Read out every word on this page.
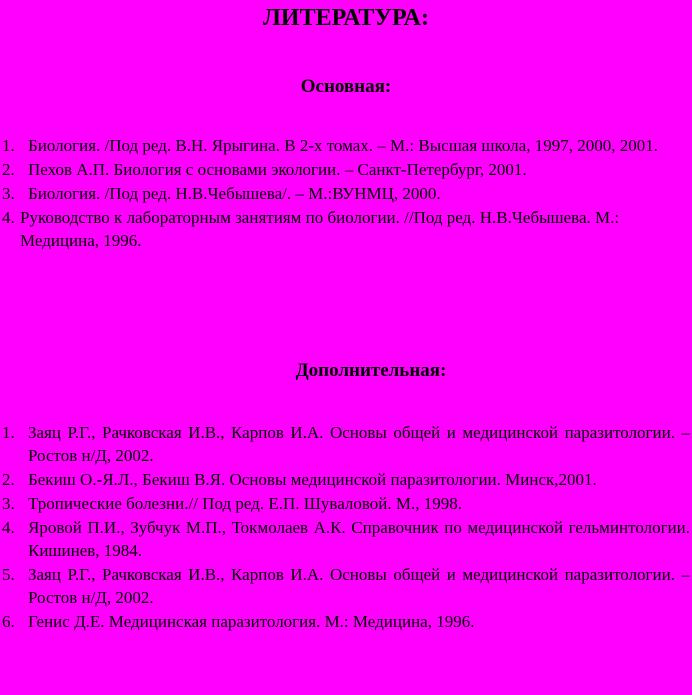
ЛИТЕРАТУРА:
Основная:
1. Биология. /Под ред. В.Н. Ярыгина. В 2-х томах. – М.: Высшая школа, 1997, 2000, 2001.
2. Пехов А.П. Биология с основами экологии. – Санкт-Петербург, 2001.
3. Биология. /Под ред. Н.В.Чебышева/. – М.:ВУНМЦ, 2000.
4. Руководство к лабораторным занятиям по биологии. //Под ред. Н.В.Чебышева. М.: Медицина, 1996.
Дополнительная:
1. Заяц Р.Г., Рачковская И.В., Карпов И.А. Основы общей и медицинской паразитологии. – Ростов н/Д, 2002.
2. Бекиш О.-Я.Л., Бекиш В.Я. Основы медицинской паразитологии. Минск,2001.
3. Тропические болезни.// Под ред. Е.П. Шуваловой. М., 1998.
4. Яровой П.И., Зубчук М.П., Токмолаев А.К. Справочник по медицинской гельминтологии. Кишинев, 1984.
5. Заяц Р.Г., Рачковская И.В., Карпов И.А. Основы общей и медицинской паразитологии. – Ростов н/Д, 2002.
6. Генис Д.Е. Медицинская паразитология. М.: Медицина, 1996.
